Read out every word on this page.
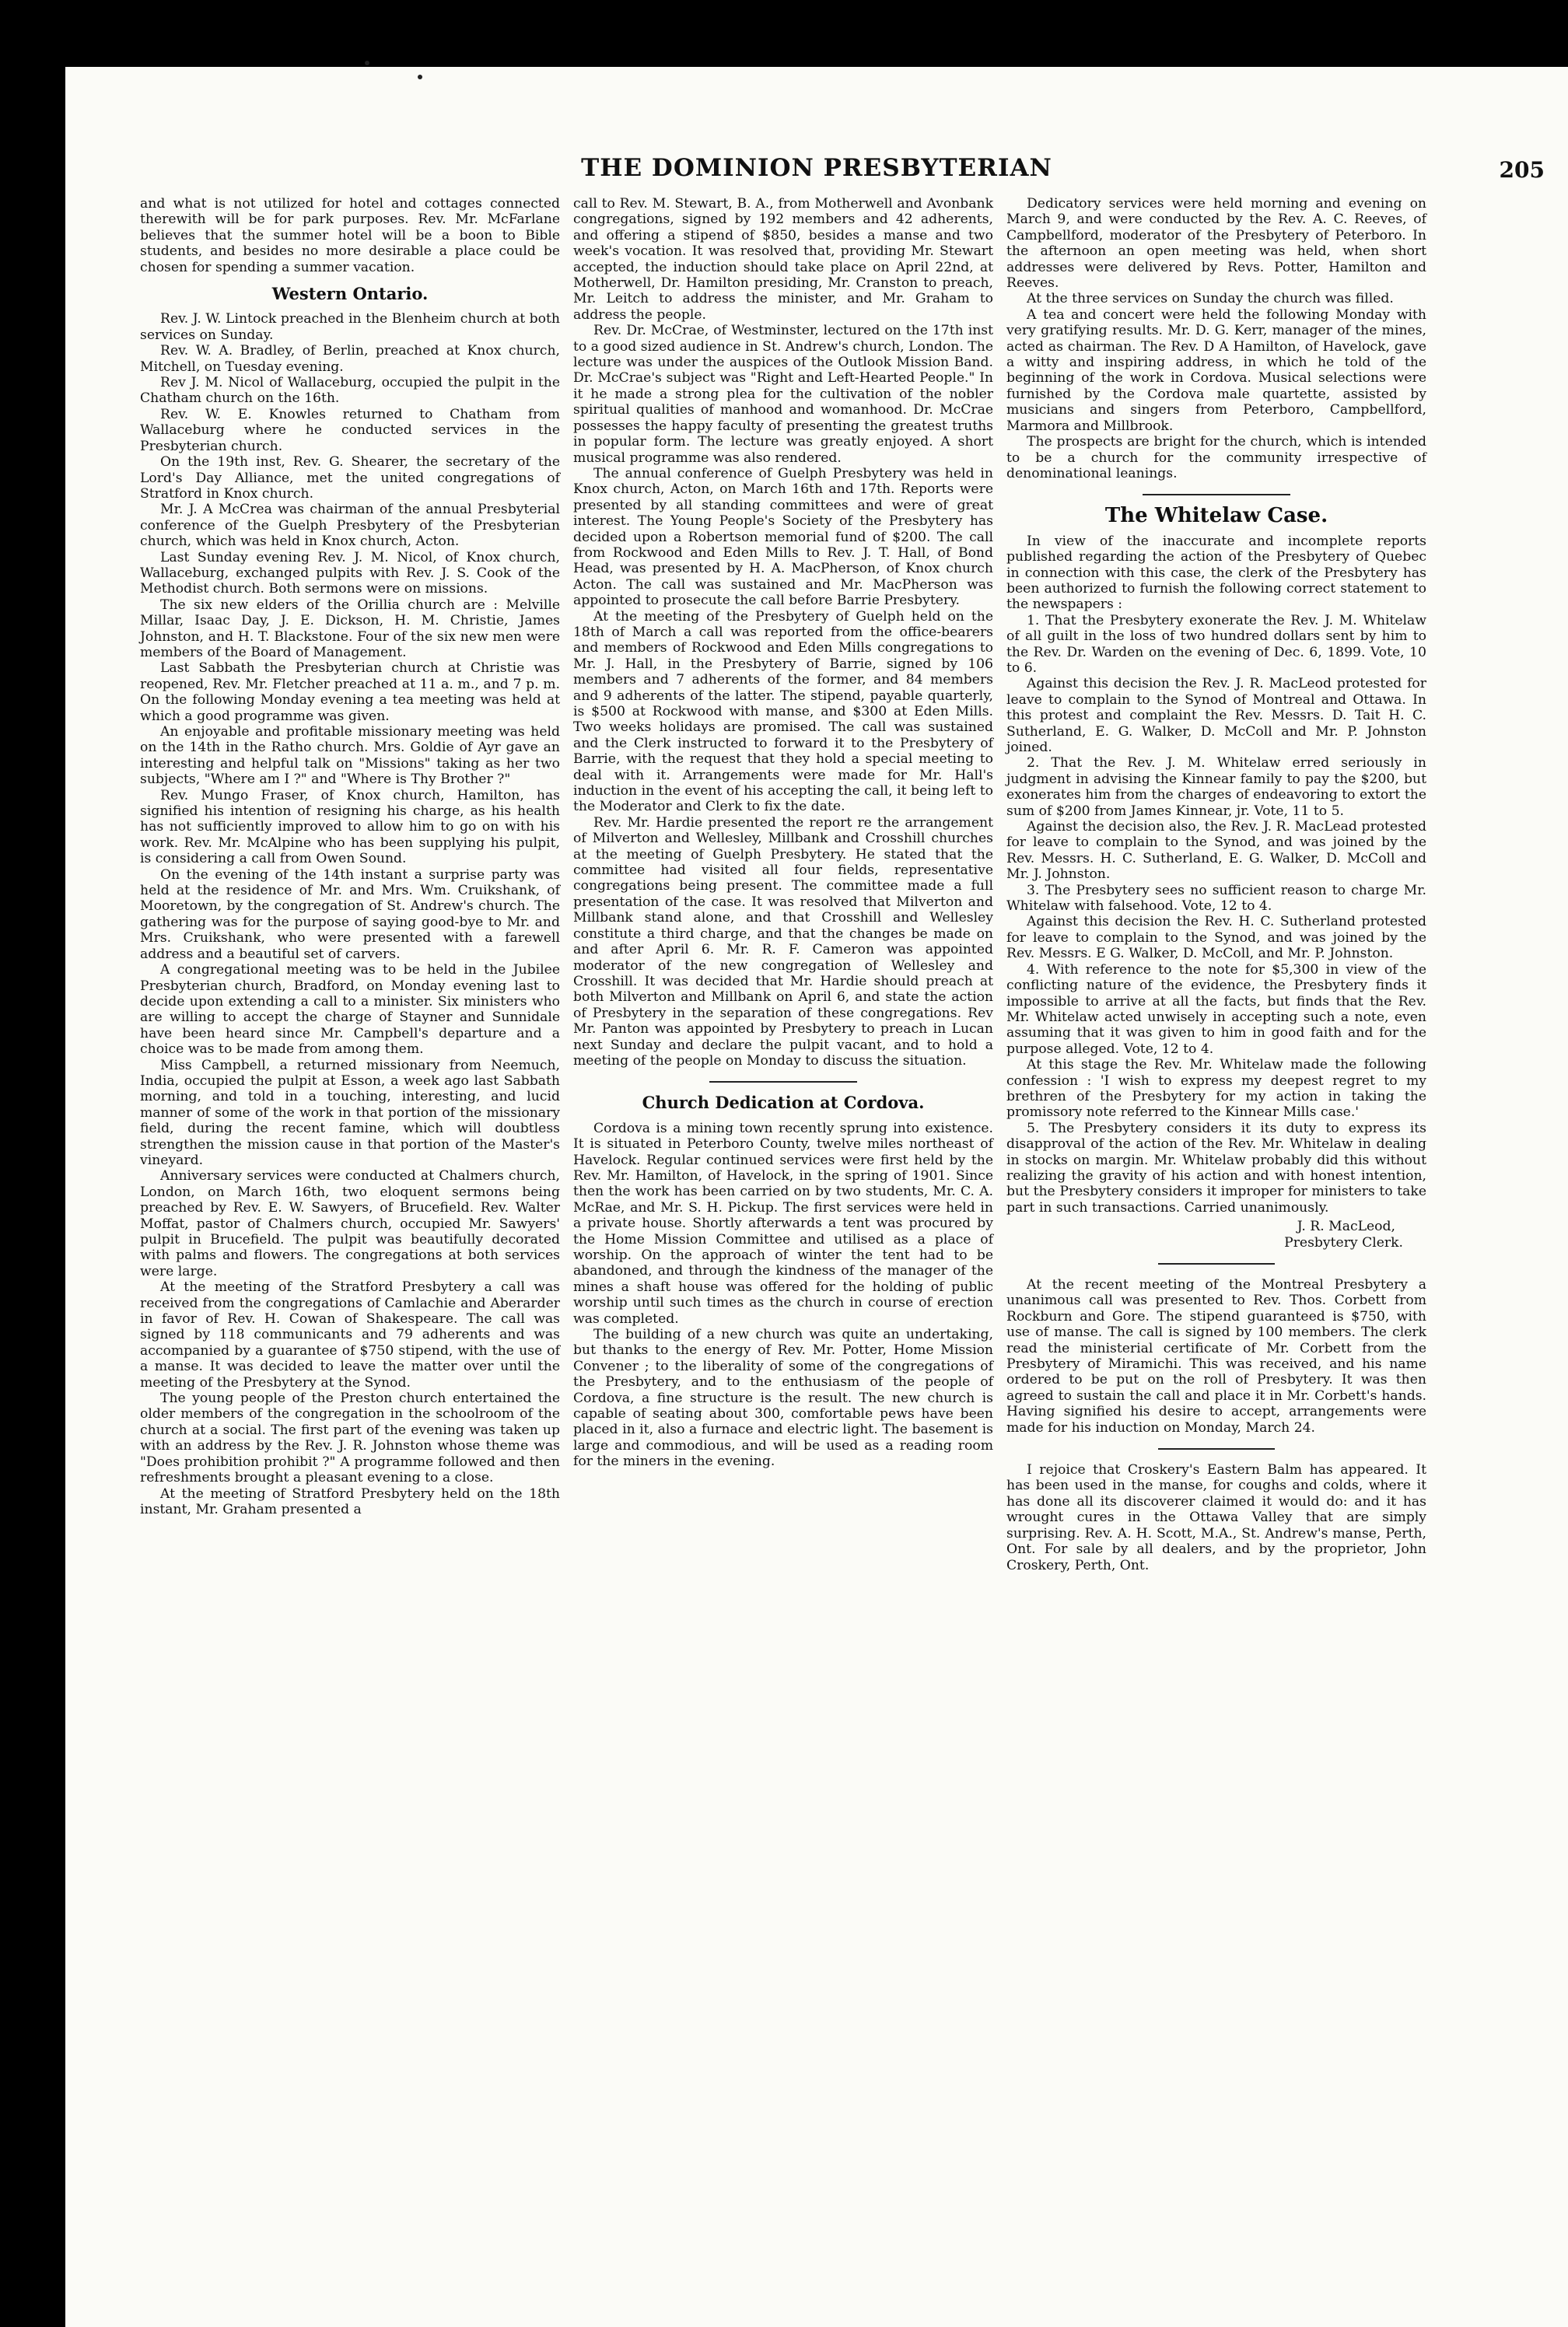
THE DOMINION PRESBYTERIAN	205

and what is not utilized for hotel and cottages connected therewith will be for park purposes. Rev. Mr. McFarlane believes that the summer hotel will be a boon to Bible students, and besides no more desirable a place could be chosen for spending a summer vacation.

Western Ontario.

Rev. J. W. Lintock preached in the Blenheim church at both services on Sunday.

Rev. W. A. Bradley, of Berlin, preached at Knox church, Mitchell, on Tuesday evening.

Rev J. M. Nicol of Wallaceburg, occupied the pulpit in the Chatham church on the 16th.

Rev. W. E. Knowles returned to Chatham from Wallaceburg where he conducted services in the Presbyterian church.

On the 19th inst, Rev. G. Shearer, the secretary of the Lord's Day Alliance, met the united congregations of Stratford in Knox church.

Mr. J. A McCrea was chairman of the annual Presbyterial conference of the Guelph Presbytery of the Presbyterian church, which was held in Knox church, Acton.

Last Sunday evening Rev. J. M. Nicol, of Knox church, Wallaceburg, exchanged pulpits with Rev. J. S. Cook of the Methodist church. Both sermons were on missions.

The six new elders of the Orillia church are : Melville Millar, Isaac Day, J. E. Dickson, H. M. Christie, James Johnston, and H. T. Blackstone. Four of the six new men were members of the Board of Management.

Last Sabbath the Presbyterian church at Christie was reopened, Rev. Mr. Fletcher preached at 11 a. m., and 7 p. m. On the following Monday evening a tea meeting was held at which a good programme was given.

An enjoyable and profitable missionary meeting was held on the 14th in the Ratho church. Mrs. Goldie of Ayr gave an interesting and helpful talk on "Missions" taking as her two subjects, "Where am I ?" and "Where is Thy Brother ?"

Rev. Mungo Fraser, of Knox church, Hamilton, has signified his intention of resigning his charge, as his health has not sufficiently improved to allow him to go on with his work. Rev. Mr. McAlpine who has been supplying his pulpit, is considering a call from Owen Sound.

On the evening of the 14th instant a surprise party was held at the residence of Mr. and Mrs. Wm. Cruikshank, of Mooretown, by the congregation of St. Andrew's church. The gathering was for the purpose of saying good-bye to Mr. and Mrs. Cruikshank, who were presented with a farewell address and a beautiful set of carvers.

A congregational meeting was to be held in the Jubilee Presbyterian church, Bradford, on Monday evening last to decide upon extending a call to a minister. Six ministers who are willing to accept the charge of Stayner and Sunnidale have been heard since Mr. Campbell's departure and a choice was to be made from among them.

Miss Campbell, a returned missionary from Neemuch, India, occupied the pulpit at Esson, a week ago last Sabbath morning, and told in a touching, interesting, and lucid manner of some of the work in that portion of the missionary field, during the recent famine, which will doubtless strengthen the mission cause in that portion of the Master's vineyard.

Anniversary services were conducted at Chalmers church, London, on March 16th, two eloquent sermons being preached by Rev. E. W. Sawyers, of Brucefield. Rev. Walter Moffat, pastor of Chalmers church, occupied Mr. Sawyers' pulpit in Brucefield. The pulpit was beautifully decorated with palms and flowers. The congregations at both services were large.

At the meeting of the Stratford Presbytery a call was received from the congregations of Camlachie and Aberarder in favor of Rev. H. Cowan of Shakespeare. The call was signed by 118 communicants and 79 adherents and was accompanied by a guarantee of $750 stipend, with the use of a manse. It was decided to leave the matter over until the meeting of the Presbytery at the Synod.

The young people of the Preston church entertained the older members of the congregation in the schoolroom of the church at a social. The first part of the evening was taken up with an address by the Rev. J. R. Johnston whose theme was "Does prohibition prohibit ?" A programme followed and then refreshments brought a pleasant evening to a close.

At the meeting of Stratford Presbytery held on the 18th instant, Mr. Graham presented a

call to Rev. M. Stewart, B. A., from Motherwell and Avonbank congregations, signed by 192 members and 42 adherents, and offering a stipend of $850, besides a manse and two week's vocation. It was resolved that, providing Mr. Stewart accepted, the induction should take place on April 22nd, at Motherwell, Dr. Hamilton presiding, Mr. Cranston to preach, Mr. Leitch to address the minister, and Mr. Graham to address the people.

Rev. Dr. McCrae, of Westminster, lectured on the 17th inst to a good sized audience in St. Andrew's church, London. The lecture was under the auspices of the Outlook Mission Band. Dr. McCrae's subject was "Right and Left-Hearted People." In it he made a strong plea for the cultivation of the nobler spiritual qualities of manhood and womanhood. Dr. McCrae possesses the happy faculty of presenting the greatest truths in popular form. The lecture was greatly enjoyed. A short musical programme was also rendered.

The annual conference of Guelph Presbytery was held in Knox church, Acton, on March 16th and 17th. Reports were presented by all standing committees and were of great interest. The Young People's Society of the Presbytery has decided upon a Robertson memorial fund of $200. The call from Rockwood and Eden Mills to Rev. J. T. Hall, of Bond Head, was presented by H. A. MacPherson, of Knox church Acton. The call was sustained and Mr. MacPherson was appointed to prosecute the call before Barrie Presbytery.

At the meeting of the Presbytery of Guelph held on the 18th of March a call was reported from the office-bearers and members of Rockwood and Eden Mills congregations to Mr. J. Hall, in the Presbytery of Barrie, signed by 106 members and 7 adherents of the former, and 84 members and 9 adherents of the latter. The stipend, payable quarterly, is $500 at Rockwood with manse, and $300 at Eden Mills. Two weeks holidays are promised. The call was sustained and the Clerk instructed to forward it to the Presbytery of Barrie, with the request that they hold a special meeting to deal with it. Arrangements were made for Mr. Hall's induction in the event of his accepting the call, it being left to the Moderator and Clerk to fix the date.

Rev. Mr. Hardie presented the report re the arrangement of Milverton and Wellesley, Millbank and Crosshill churches at the meeting of Guelph Presbytery. He stated that the committee had visited all four fields, representative congregations being present. The committee made a full presentation of the case. It was resolved that Milverton and Millbank stand alone, and that Crosshill and Wellesley constitute a third charge, and that the changes be made on and after April 6. Mr. R. F. Cameron was appointed moderator of the new congregation of Wellesley and Crosshill. It was decided that Mr. Hardie should preach at both Milverton and Millbank on April 6, and state the action of Presbytery in the separation of these congregations. Rev Mr. Panton was appointed by Presbytery to preach in Lucan next Sunday and declare the pulpit vacant, and to hold a meeting of the people on Monday to discuss the situation.

Church Dedication at Cordova.

Cordova is a mining town recently sprung into existence. It is situated in Peterboro County, twelve miles northeast of Havelock. Regular continued services were first held by the Rev. Mr. Hamilton, of Havelock, in the spring of 1901. Since then the work has been carried on by two students, Mr. C. A. McRae, and Mr. S. H. Pickup. The first services were held in a private house. Shortly afterwards a tent was procured by the Home Mission Committee and utilised as a place of worship. On the approach of winter the tent had to be abandoned, and through the kindness of the manager of the mines a shaft house was offered for the holding of public worship until such times as the church in course of erection was completed.

The building of a new church was quite an undertaking, but thanks to the energy of Rev. Mr. Potter, Home Mission Convener ; to the liberality of some of the congregations of the Presbytery, and to the enthusiasm of the people of Cordova, a fine structure is the result. The new church is capable of seating about 300, comfortable pews have been placed in it, also a furnace and electric light. The basement is large and commodious, and will be used as a reading room for the miners in the evening.

Dedicatory services were held morning and evening on March 9, and were conducted by the Rev. A. C. Reeves, of Campbellford, moderator of the Presbytery of Peterboro. In the afternoon an open meeting was held, when short addresses were delivered by Revs. Potter, Hamilton and Reeves.

At the three services on Sunday the church was filled.

A tea and concert were held the following Monday with very gratifying results. Mr. D. G. Kerr, manager of the mines, acted as chairman. The Rev. D A Hamilton, of Havelock, gave a witty and inspiring address, in which he told of the beginning of the work in Cordova. Musical selections were furnished by the Cordova male quartette, assisted by musicians and singers from Peterboro, Campbellford, Marmora and Millbrook.

The prospects are bright for the church, which is intended to be a church for the community irrespective of denominational leanings.

The Whitelaw Case.

In view of the inaccurate and incomplete reports published regarding the action of the Presbytery of Quebec in connection with this case, the clerk of the Presbytery has been authorized to furnish the following correct statement to the newspapers :

1. That the Presbytery exonerate the Rev. J. M. Whitelaw of all guilt in the loss of two hundred dollars sent by him to the Rev. Dr. Warden on the evening of Dec. 6, 1899. Vote, 10 to 6.

Against this decision the Rev. J. R. MacLeod protested for leave to complain to the Synod of Montreal and Ottawa. In this protest and complaint the Rev. Messrs. D. Tait H. C. Sutherland, E. G. Walker, D. McColl and Mr. P. Johnston joined.

2. That the Rev. J. M. Whitelaw erred seriously in judgment in advising the Kinnear family to pay the $200, but exonerates him from the charges of endeavoring to extort the sum of $200 from James Kinnear, jr. Vote, 11 to 5.

Against the decision also, the Rev. J. R. MacLead protested for leave to complain to the Synod, and was joined by the Rev. Messrs. H. C. Sutherland, E. G. Walker, D. McColl and Mr. J. Johnston.

3. The Presbytery sees no sufficient reason to charge Mr. Whitelaw with falsehood. Vote, 12 to 4.

Against this decision the Rev. H. C. Sutherland protested for leave to complain to the Synod, and was joined by the Rev. Messrs. E G. Walker, D. McColl, and Mr. P. Johnston.

4. With reference to the note for $5,300 in view of the conflicting nature of the evidence, the Presbytery finds it impossible to arrive at all the facts, but finds that the Rev. Mr. Whitelaw acted unwisely in accepting such a note, even assuming that it was given to him in good faith and for the purpose alleged. Vote, 12 to 4.

At this stage the Rev. Mr. Whitelaw made the following confession : 'I wish to express my deepest regret to my brethren of the Presbytery for my action in taking the promissory note referred to the Kinnear Mills case.'

5. The Presbytery considers it its duty to express its disapproval of the action of the Rev. Mr. Whitelaw in dealing in stocks on margin. Mr. Whitelaw probably did this without realizing the gravity of his action and with honest intention, but the Presbytery considers it improper for ministers to take part in such transactions. Carried unanimously.

J. R. MacLeod,
Presbytery Clerk.

At the recent meeting of the Montreal Presbytery a unanimous call was presented to Rev. Thos. Corbett from Rockburn and Gore. The stipend guaranteed is $750, with use of manse. The call is signed by 100 members. The clerk read the ministerial certificate of Mr. Corbett from the Presbytery of Miramichi. This was received, and his name ordered to be put on the roll of Presbytery. It was then agreed to sustain the call and place it in Mr. Corbett's hands. Having signified his desire to accept, arrangements were made for his induction on Monday, March 24.

I rejoice that Croskery's Eastern Balm has appeared. It has been used in the manse, for coughs and colds, where it has done all its discoverer claimed it would do: and it has wrought cures in the Ottawa Valley that are simply surprising. Rev. A. H. Scott, M.A., St. Andrew's manse, Perth, Ont. For sale by all dealers, and by the proprietor, John Croskery, Perth, Ont.
